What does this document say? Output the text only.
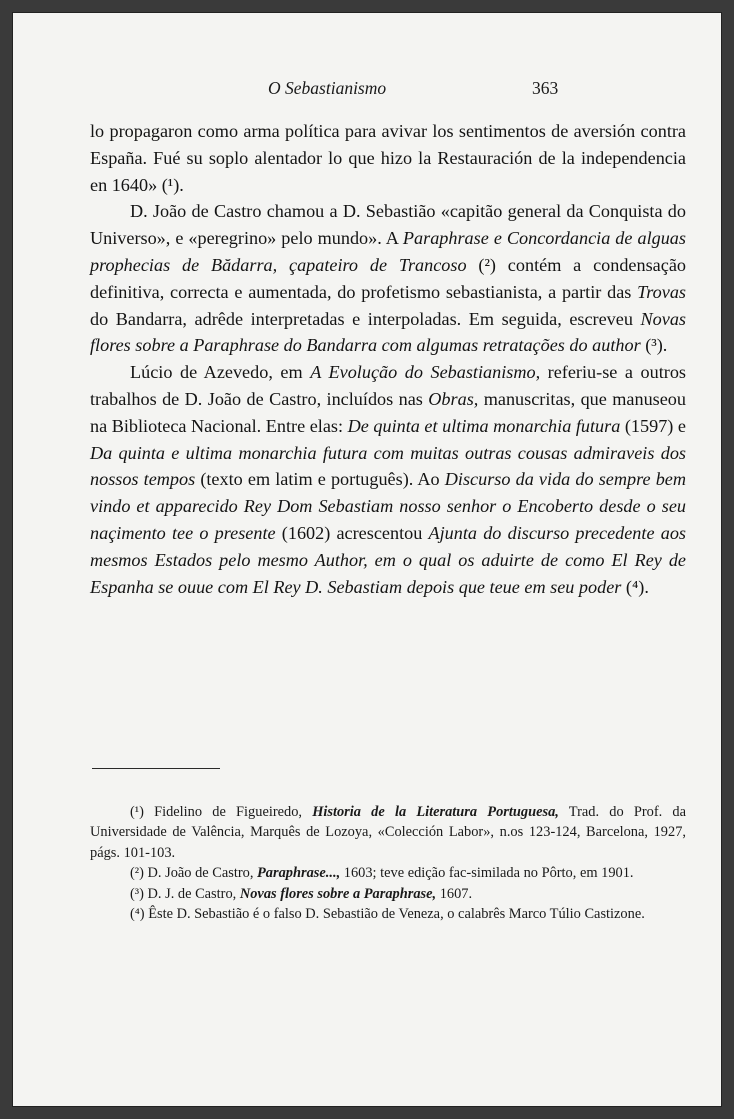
O Sebastianismo	363

lo propagaron como arma política para avivar los sentimentos de aversión contra España. Fué su soplo alentador lo que hizo la Restauración de la independencia en 1640» (¹).

D. João de Castro chamou a D. Sebastião «capitão general da Conquista do Universo», e «peregrino» pelo mundo». A Paraphrase e Concordancia de alguas prophecias de Bădarra, çapateiro de Trancoso (²) contém a condensação definitiva, correcta e aumentada, do profetismo sebastianista, a partir das Trovas do Bandarra, adrêde interpretadas e interpoladas. Em seguida, escreveu Novas flores sobre a Paraphrase do Bandarra com algumas retratações do author (³).

Lúcio de Azevedo, em A Evolução do Sebastianismo, referiu-se a outros trabalhos de D. João de Castro, incluídos nas Obras, manuscritas, que manuseou na Biblioteca Nacional. Entre elas: De quinta et ultima monarchia futura (1597) e Da quinta e ultima monarchia futura com muitas outras cousas admiraveis dos nossos tempos (texto em latim e português). Ao Discurso da vida do sempre bem vindo et apparecido Rey Dom Sebastiam nosso senhor o Encoberto desde o seu naçimento tee o presente (1602) acrescentou Ajunta do discurso precedente aos mesmos Estados pelo mesmo Author, em o qual os aduirte de como El Rey de Espanha se ouue com El Rey D. Sebastiam depois que teue em seu poder (⁴).

(¹) Fidelino de Figueiredo, Historia de la Literatura Portuguesa, Trad. do Prof. da Universidade de Valência, Marquês de Lozoya, «Colección Labor», n.os 123-124, Barcelona, 1927, págs. 101-103.

(²) D. João de Castro, Paraphrase..., 1603; teve edição fac-similada no Pôrto, em 1901.

(³) D. J. de Castro, Novas flores sobre a Paraphrase, 1607.

(⁴) Êste D. Sebastião é o falso D. Sebastião de Veneza, o calabrês Marco Túlio Castizone.
